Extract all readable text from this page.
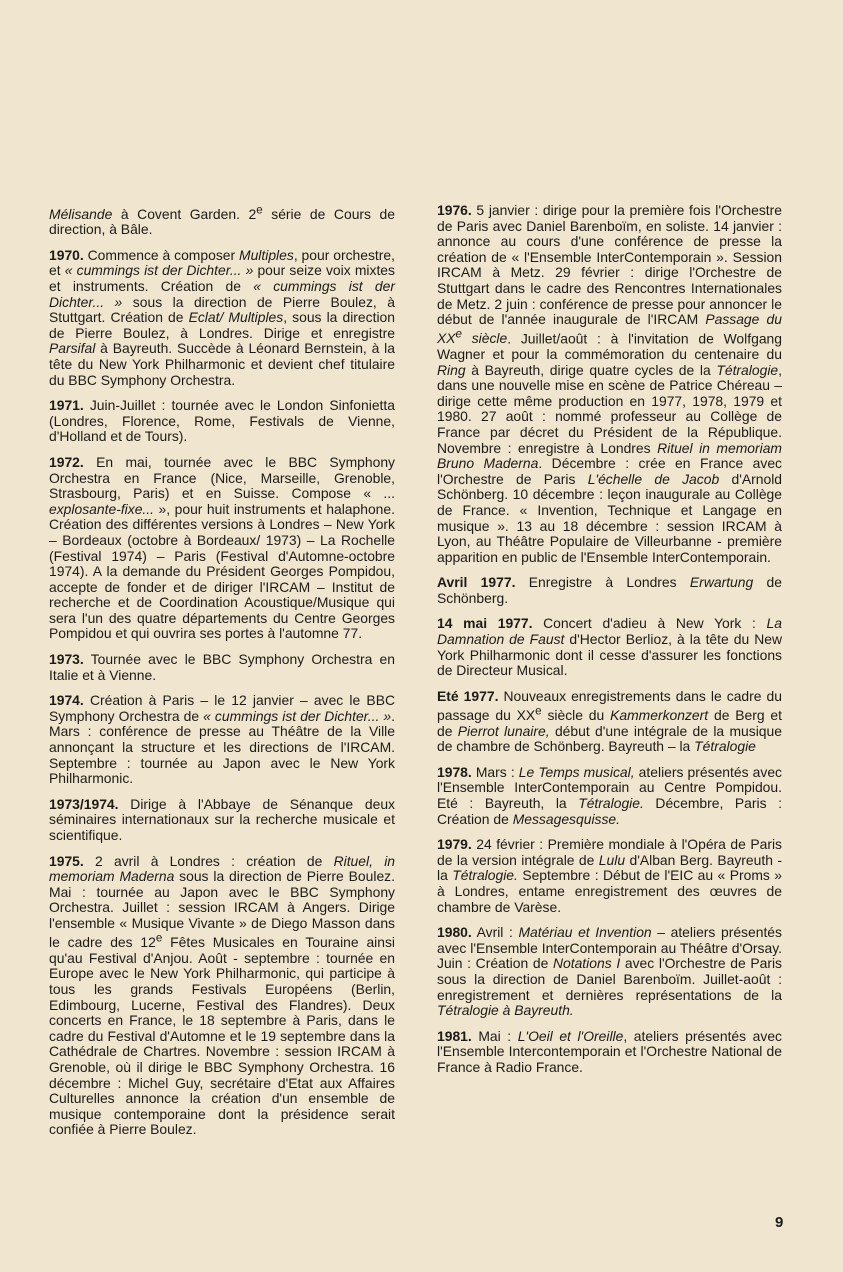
Mélisande à Covent Garden. 2e série de Cours de direction, à Bâle.

1970. Commence à composer Multiples, pour orchestre, et « cummings ist der Dichter... » pour seize voix mixtes et instruments. Création de « cummings ist der Dichter... » sous la direction de Pierre Boulez, à Stuttgart. Création de Eclat/ Multiples, sous la direction de Pierre Boulez, à Londres. Dirige et enregistre Parsifal à Bayreuth. Succède à Léonard Bernstein, à la tête du New York Philharmonic et devient chef titulaire du BBC Symphony Orchestra.

1971. Juin-Juillet : tournée avec le London Sinfonietta (Londres, Florence, Rome, Festivals de Vienne, d'Holland et de Tours).

1972. En mai, tournée avec le BBC Symphony Orchestra en France (Nice, Marseille, Grenoble, Strasbourg, Paris) et en Suisse. Compose « ... explosante-fixe... », pour huit instruments et halaphone. Création des différentes versions à Londres – New York – Bordeaux (octobre à Bordeaux/ 1973) – La Rochelle (Festival 1974) – Paris (Festival d'Automne-octobre 1974). A la demande du Président Georges Pompidou, accepte de fonder et de diriger l'IRCAM – Institut de recherche et de Coordination Acoustique/Musique qui sera l'un des quatre départements du Centre Georges Pompidou et qui ouvrira ses portes à l'automne 77.

1973. Tournée avec le BBC Symphony Orchestra en Italie et à Vienne.

1974. Création à Paris – le 12 janvier – avec le BBC Symphony Orchestra de « cummings ist der Dichter... ». Mars : conférence de presse au Théâtre de la Ville annonçant la structure et les directions de l'IRCAM. Septembre : tournée au Japon avec le New York Philharmonic.

1973/1974. Dirige à l'Abbaye de Sénanque deux séminaires internationaux sur la recherche musicale et scientifique.

1975. 2 avril à Londres : création de Rituel, in memoriam Maderna sous la direction de Pierre Boulez. Mai : tournée au Japon avec le BBC Symphony Orchestra. Juillet : session IRCAM à Angers. Dirige l'ensemble « Musique Vivante » de Diego Masson dans le cadre des 12e Fêtes Musicales en Touraine ainsi qu'au Festival d'Anjou. Août - septembre : tournée en Europe avec le New York Philharmonic, qui participe à tous les grands Festivals Européens (Berlin, Edimbourg, Lucerne, Festival des Flandres). Deux concerts en France, le 18 septembre à Paris, dans le cadre du Festival d'Automne et le 19 septembre dans la Cathédrale de Chartres. Novembre : session IRCAM à Grenoble, où il dirige le BBC Symphony Orchestra. 16 décembre : Michel Guy, secrétaire d'Etat aux Affaires Culturelles annonce la création d'un ensemble de musique contemporaine dont la présidence serait confiée à Pierre Boulez.

1976. 5 janvier : dirige pour la première fois l'Orchestre de Paris avec Daniel Barenboïm, en soliste. 14 janvier : annonce au cours d'une conférence de presse la création de « l'Ensemble InterContemporain ». Session IRCAM à Metz. 29 février : dirige l'Orchestre de Stuttgart dans le cadre des Rencontres Internationales de Metz. 2 juin : conférence de presse pour annoncer le début de l'année inaugurale de l'IRCAM Passage du XXe siècle. Juillet/août : à l'invitation de Wolfgang Wagner et pour la commémoration du centenaire du Ring à Bayreuth, dirige quatre cycles de la Tétralogie, dans une nouvelle mise en scène de Patrice Chéreau – dirige cette même production en 1977, 1978, 1979 et 1980. 27 août : nommé professeur au Collège de France par décret du Président de la République. Novembre : enregistre à Londres Rituel in memoriam Bruno Maderna. Décembre : crée en France avec l'Orchestre de Paris L'échelle de Jacob d'Arnold Schönberg. 10 décembre : leçon inaugurale au Collège de France. « Invention, Technique et Langage en musique ». 13 au 18 décembre : session IRCAM à Lyon, au Théâtre Populaire de Villeurbanne - première apparition en public de l'Ensemble InterContemporain.

Avril 1977. Enregistre à Londres Erwartung de Schönberg.

14 mai 1977. Concert d'adieu à New York : La Damnation de Faust d'Hector Berlioz, à la tête du New York Philharmonic dont il cesse d'assurer les fonctions de Directeur Musical.

Eté 1977. Nouveaux enregistrements dans le cadre du passage du XXe siècle du Kammerkonzert de Berg et de Pierrot lunaire, début d'une intégrale de la musique de chambre de Schönberg. Bayreuth – la Tétralogie

1978. Mars : Le Temps musical, ateliers présentés avec l'Ensemble InterContemporain au Centre Pompidou. Eté : Bayreuth, la Tétralogie. Décembre, Paris : Création de Messagesquisse.

1979. 24 février : Première mondiale à l'Opéra de Paris de la version intégrale de Lulu d'Alban Berg. Bayreuth - la Tétralogie. Septembre : Début de l'EIC au « Proms » à Londres, entame enregistrement des œuvres de chambre de Varèse.

1980. Avril : Matériau et Invention – ateliers présentés avec l'Ensemble InterContemporain au Théâtre d'Orsay. Juin : Création de Notations I avec l'Orchestre de Paris sous la direction de Daniel Barenboïm. Juillet-août : enregistrement et dernières représentations de la Tétralogie à Bayreuth.

1981. Mai : L'Oeil et l'Oreille, ateliers présentés avec l'Ensemble Intercontemporain et l'Orchestre National de France à Radio France.

9
